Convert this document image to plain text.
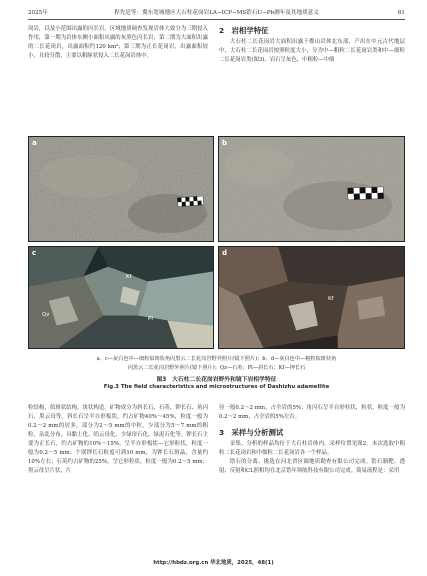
2025年	程先廷等：冀东宽城地区大石柱花岗岩LA−ICP−MS锆石U−Pb测年及其地质意义	61

岗岩，以及小范围出露的闪长岩。区域地质调查发现岩体大致分为三期侵入作用，第一期为岩体东侧小面积出露的灰黑色闪长岩；第二期为大面积出露的二长花岗岩，出露面积约120 km²；第三期为正长花岗岩，出露面积较小，且较分散，主要以粗脉状侵入二长花岗岩体中。

2　岩相学特征

大石柱二长花岗岩大面积出露于都山岩体北东部，产出在中元古代地层中，大石柱二长花岗岩按照粒度大小，分为中—粗粒二长花岗岩类和中—细粒二长花岗岩类(图3)。岩石呈灰色，中粗粒—中细

a	b
c	d
Qz
Pl
Kf
Kf
a、c—灰白色中—细粒似斑状角闪黑云二长花岗岩野外照片(镜下照片)；b、d—灰白色中—粗粒似斑状角
闪黑云二长花岗岩野外照片(镜下照片)；Qz—石英；Pl—斜长石；Kf—钾长石
图3　大石柱二长花岗岩野外和镜下岩相学特征
Fig.3 The field characteristics and microstructures of Dashizhu adamellite

粒结构，似斑状结构，块状构造。矿物成分为斜长石、石英、钾长石、角闪石、黑云母等。斜长石呈半自形板状，约占矿物40%～45%，粒度一般为0.2～2 mm的居多，部分为2～5 mm的中粒，少部分为5～7 mm的粗粒，杂乱分布，具黏土化、绢云母化、少绿帘石化、绿泥石化等。钾长石主要为正长石，约占矿物的10%～15%，呈半自形板状—它形粒状，粒度一般为0.2～5 mm；个别钾长石粒度可到10 mm，为钾长石斑晶，含量约10%左右；石英约占矿物的25%，呈它形粒状，粒度一般为0.2～5 mm；黑云母呈片状，片

径一般0.2～2 mm，占全岩的5%；角闪石呈半自形柱状，粒状，粒度一般为0.2～2 mm，占全岩的5%左右。

3　采样与分析测试

采集、分析的样品均位于大石柱岩体内，采样位置见图2。本次选取中粗粒二长花岗岩和中细粒二长花岗岩各一个样品。

锆石的分离、挑选在河北省区调地质勘查有限公司完成。锆石制靶、透射、反射和CL照相均在北京锆年领航科技有限公司完成。简易流程是：采用

http://hbdz.org.cn 华北地质，2025，48(1)
